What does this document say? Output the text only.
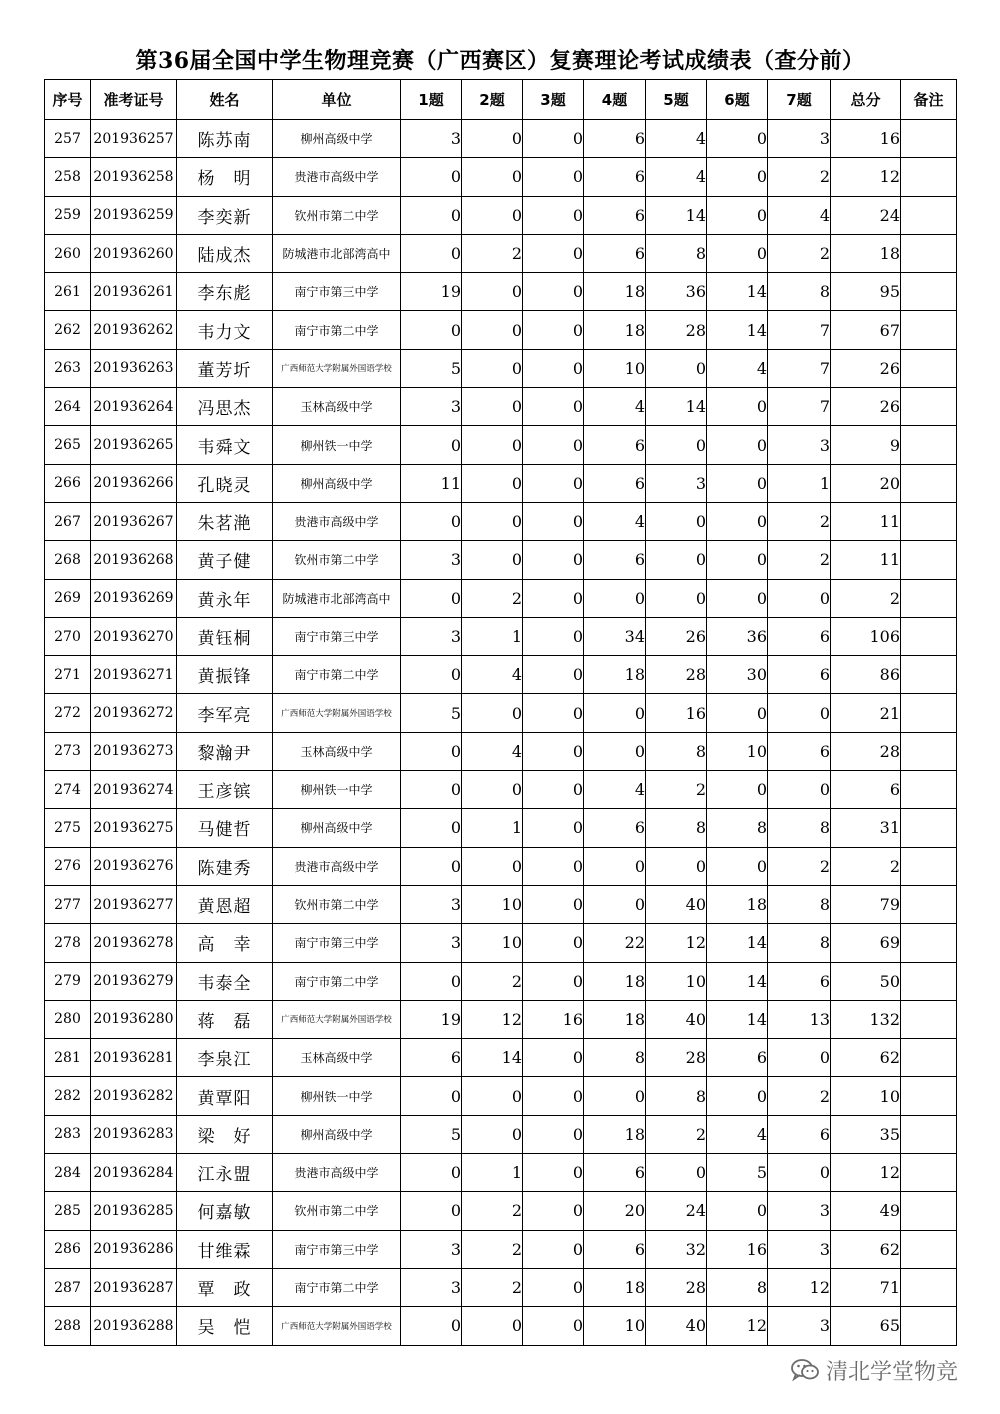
第36届全国中学生物理竞赛（广西赛区）复赛理论考试成绩表（查分前）
序号	准考证号	姓名	单位	1题	2题	3题	4题	5题	6题	7题	总分	备注
257	201936257	陈苏南	柳州高级中学	3	0	0	6	4	0	3	16	
258	201936258	杨　明	贵港市高级中学	0	0	0	6	4	0	2	12	
259	201936259	李奕新	钦州市第二中学	0	0	0	6	14	0	4	24	
260	201936260	陆成杰	防城港市北部湾高中	0	2	0	6	8	0	2	18	
261	201936261	李东彪	南宁市第三中学	19	0	0	18	36	14	8	95	
262	201936262	韦力文	南宁市第二中学	0	0	0	18	28	14	7	67	
263	201936263	董芳圻	广西师范大学附属外国语学校	5	0	0	10	0	4	7	26	
264	201936264	冯思杰	玉林高级中学	3	0	0	4	14	0	7	26	
265	201936265	韦舜文	柳州铁一中学	0	0	0	6	0	0	3	9	
266	201936266	孔晓灵	柳州高级中学	11	0	0	6	3	0	1	20	
267	201936267	朱茗滟	贵港市高级中学	0	0	0	4	0	0	2	11	
268	201936268	黄子健	钦州市第二中学	3	0	0	6	0	0	2	11	
269	201936269	黄永年	防城港市北部湾高中	0	2	0	0	0	0	0	2	
270	201936270	黄钰桐	南宁市第三中学	3	1	0	34	26	36	6	106	
271	201936271	黄振锋	南宁市第二中学	0	4	0	18	28	30	6	86	
272	201936272	李军亮	广西师范大学附属外国语学校	5	0	0	0	16	0	0	21	
273	201936273	黎瀚尹	玉林高级中学	0	4	0	0	8	10	6	28	
274	201936274	王彦镔	柳州铁一中学	0	0	0	4	2	0	0	6	
275	201936275	马健哲	柳州高级中学	0	1	0	6	8	8	8	31	
276	201936276	陈建秀	贵港市高级中学	0	0	0	0	0	0	2	2	
277	201936277	黄恩超	钦州市第二中学	3	10	0	0	40	18	8	79	
278	201936278	高　幸	南宁市第三中学	3	10	0	22	12	14	8	69	
279	201936279	韦泰全	南宁市第二中学	0	2	0	18	10	14	6	50	
280	201936280	蒋　磊	广西师范大学附属外国语学校	19	12	16	18	40	14	13	132	
281	201936281	李泉江	玉林高级中学	6	14	0	8	28	6	0	62	
282	201936282	黄覃阳	柳州铁一中学	0	0	0	0	8	0	2	10	
283	201936283	梁　好	柳州高级中学	5	0	0	18	2	4	6	35	
284	201936284	江永盟	贵港市高级中学	0	1	0	6	0	5	0	12	
285	201936285	何嘉敏	钦州市第二中学	0	2	0	20	24	0	3	49	
286	201936286	甘维霖	南宁市第三中学	3	2	0	6	32	16	3	62	
287	201936287	覃　政	南宁市第二中学	3	2	0	18	28	8	12	71	
288	201936288	吴　恺	广西师范大学附属外国语学校	0	0	0	10	40	12	3	65	
清北学堂物竞
